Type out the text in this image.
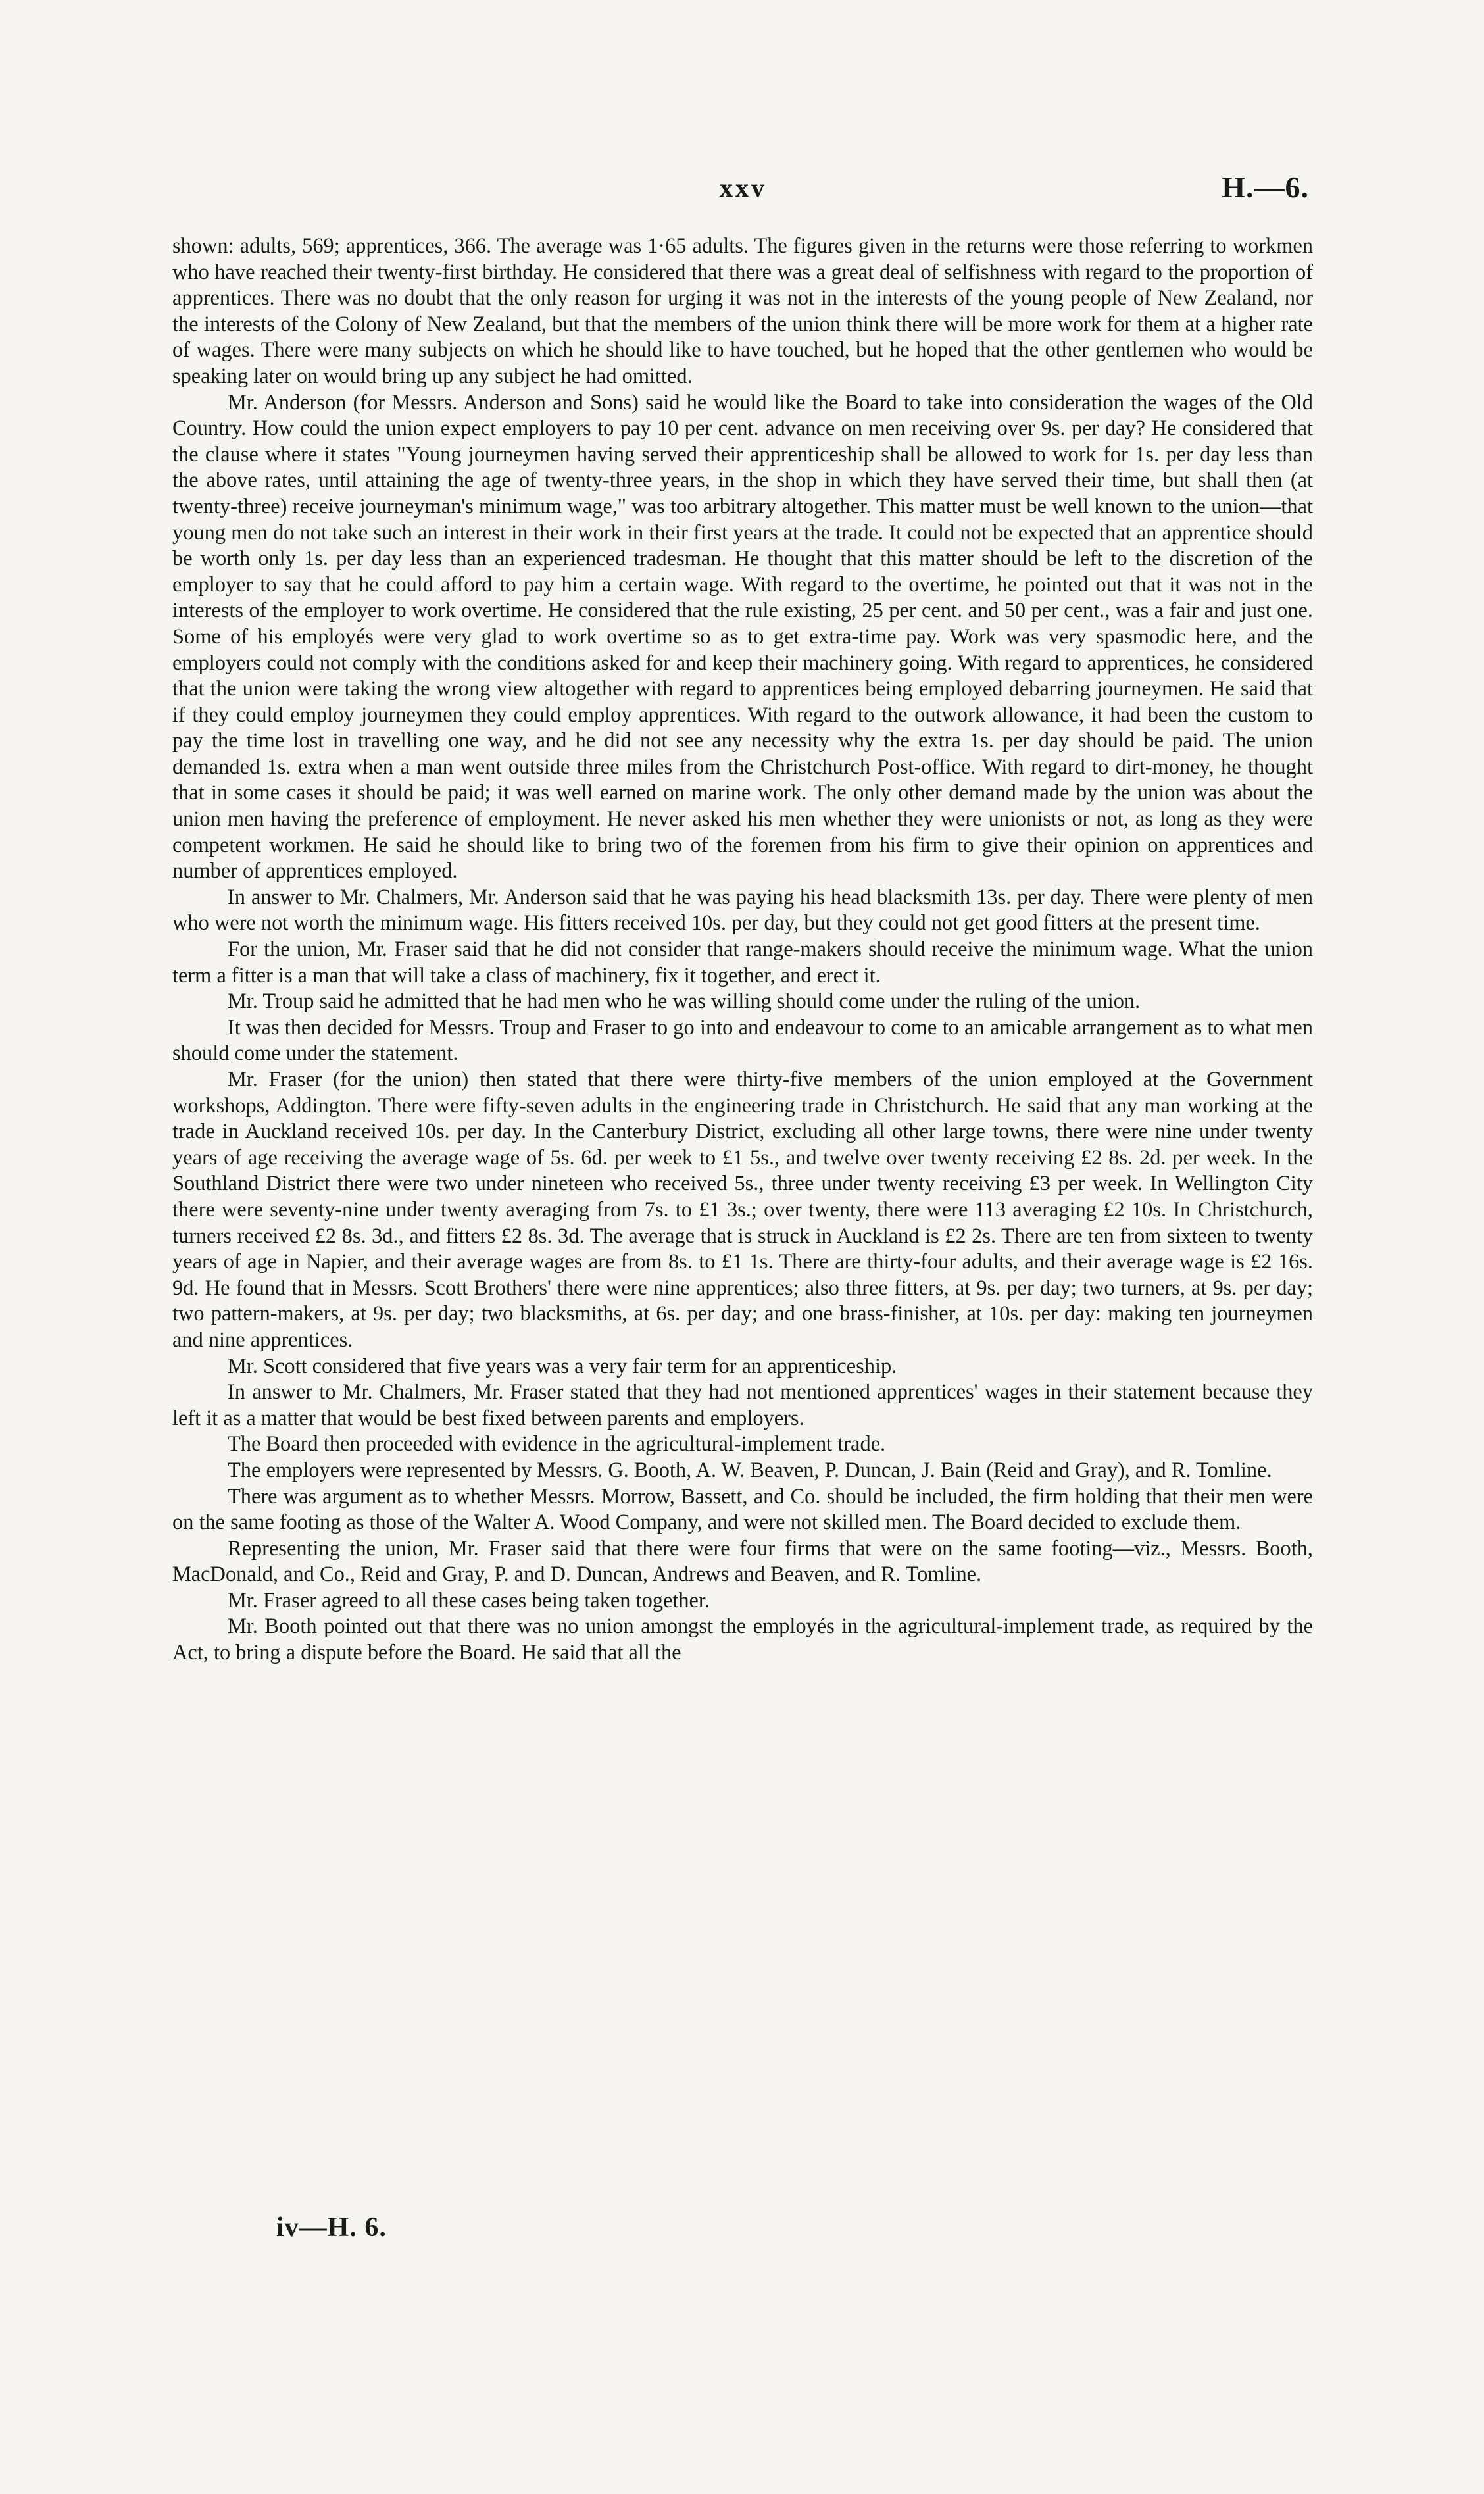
xxv	H.—6.

shown: adults, 569; apprentices, 366. The average was 1·65 adults. The figures given in the returns were those referring to workmen who have reached their twenty-first birthday. He considered that there was a great deal of selfishness with regard to the proportion of apprentices. There was no doubt that the only reason for urging it was not in the interests of the young people of New Zealand, nor the interests of the Colony of New Zealand, but that the members of the union think there will be more work for them at a higher rate of wages. There were many subjects on which he should like to have touched, but he hoped that the other gentlemen who would be speaking later on would bring up any subject he had omitted.

Mr. Anderson (for Messrs. Anderson and Sons) said he would like the Board to take into consideration the wages of the Old Country. How could the union expect employers to pay 10 per cent. advance on men receiving over 9s. per day? He considered that the clause where it states "Young journeymen having served their apprenticeship shall be allowed to work for 1s. per day less than the above rates, until attaining the age of twenty-three years, in the shop in which they have served their time, but shall then (at twenty-three) receive journeyman's minimum wage," was too arbitrary altogether. This matter must be well known to the union—that young men do not take such an interest in their work in their first years at the trade. It could not be expected that an apprentice should be worth only 1s. per day less than an experienced tradesman. He thought that this matter should be left to the discretion of the employer to say that he could afford to pay him a certain wage. With regard to the overtime, he pointed out that it was not in the interests of the employer to work overtime. He considered that the rule existing, 25 per cent. and 50 per cent., was a fair and just one. Some of his employés were very glad to work overtime so as to get extra-time pay. Work was very spasmodic here, and the employers could not comply with the conditions asked for and keep their machinery going. With regard to apprentices, he considered that the union were taking the wrong view altogether with regard to apprentices being employed debarring journeymen. He said that if they could employ journeymen they could employ apprentices. With regard to the outwork allowance, it had been the custom to pay the time lost in travelling one way, and he did not see any necessity why the extra 1s. per day should be paid. The union demanded 1s. extra when a man went outside three miles from the Christchurch Post-office. With regard to dirt-money, he thought that in some cases it should be paid; it was well earned on marine work. The only other demand made by the union was about the union men having the preference of employment. He never asked his men whether they were unionists or not, as long as they were competent workmen. He said he should like to bring two of the foremen from his firm to give their opinion on apprentices and number of apprentices employed.

In answer to Mr. Chalmers, Mr. Anderson said that he was paying his head blacksmith 13s. per day. There were plenty of men who were not worth the minimum wage. His fitters received 10s. per day, but they could not get good fitters at the present time.

For the union, Mr. Fraser said that he did not consider that range-makers should receive the minimum wage. What the union term a fitter is a man that will take a class of machinery, fix it together, and erect it.

Mr. Troup said he admitted that he had men who he was willing should come under the ruling of the union.

It was then decided for Messrs. Troup and Fraser to go into and endeavour to come to an amicable arrangement as to what men should come under the statement.

Mr. Fraser (for the union) then stated that there were thirty-five members of the union employed at the Government workshops, Addington. There were fifty-seven adults in the engineering trade in Christchurch. He said that any man working at the trade in Auckland received 10s. per day. In the Canterbury District, excluding all other large towns, there were nine under twenty years of age receiving the average wage of 5s. 6d. per week to £1 5s., and twelve over twenty receiving £2 8s. 2d. per week. In the Southland District there were two under nineteen who received 5s., three under twenty receiving £3 per week. In Wellington City there were seventy-nine under twenty averaging from 7s. to £1 3s.; over twenty, there were 113 averaging £2 10s. In Christchurch, turners received £2 8s. 3d., and fitters £2 8s. 3d. The average that is struck in Auckland is £2 2s. There are ten from sixteen to twenty years of age in Napier, and their average wages are from 8s. to £1 1s. There are thirty-four adults, and their average wage is £2 16s. 9d. He found that in Messrs. Scott Brothers' there were nine apprentices; also three fitters, at 9s. per day; two turners, at 9s. per day; two pattern-makers, at 9s. per day; two blacksmiths, at 6s. per day; and one brass-finisher, at 10s. per day: making ten journeymen and nine apprentices.

Mr. Scott considered that five years was a very fair term for an apprenticeship.

In answer to Mr. Chalmers, Mr. Fraser stated that they had not mentioned apprentices' wages in their statement because they left it as a matter that would be best fixed between parents and employers.

The Board then proceeded with evidence in the agricultural-implement trade.

The employers were represented by Messrs. G. Booth, A. W. Beaven, P. Duncan, J. Bain (Reid and Gray), and R. Tomline.

There was argument as to whether Messrs. Morrow, Bassett, and Co. should be included, the firm holding that their men were on the same footing as those of the Walter A. Wood Company, and were not skilled men. The Board decided to exclude them.

Representing the union, Mr. Fraser said that there were four firms that were on the same footing—viz., Messrs. Booth, MacDonald, and Co., Reid and Gray, P. and D. Duncan, Andrews and Beaven, and R. Tomline.

Mr. Fraser agreed to all these cases being taken together.

Mr. Booth pointed out that there was no union amongst the employés in the agricultural-implement trade, as required by the Act, to bring a dispute before the Board. He said that all the

iv—H. 6.
